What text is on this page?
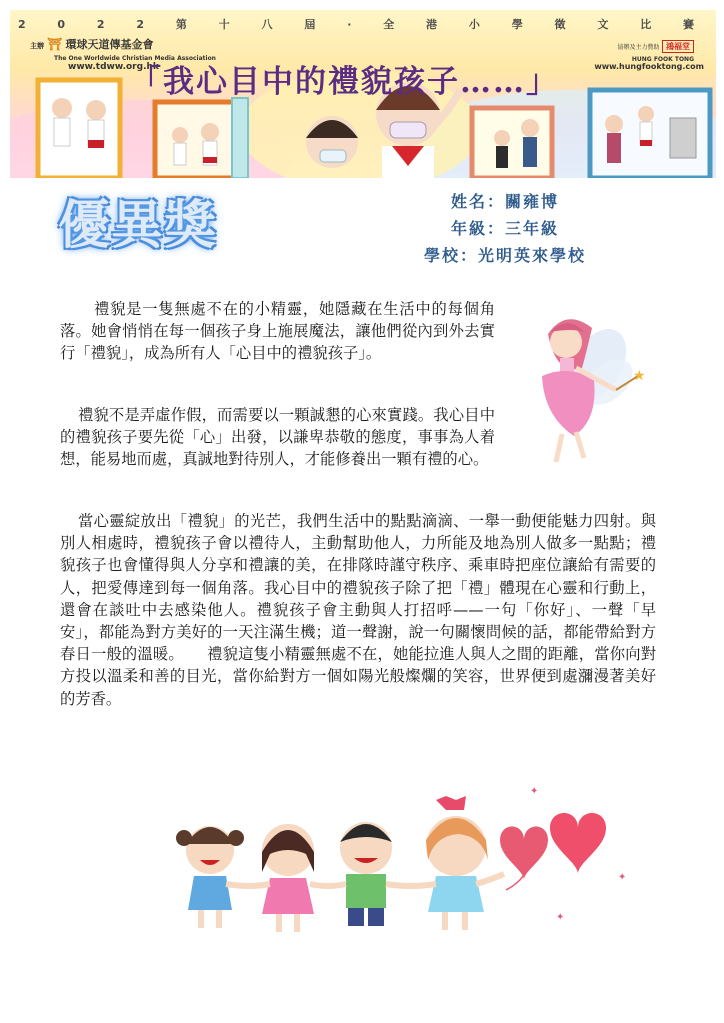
2 0 2 2 第 十 八 屆 · 全 港 小 學 徵 文 比 賽
主辦 ⛩ 環球天道傳基金會
The One Worldwide Christian Media Association
www.tdww.org.hk
協辦及主力贊助 鴻福堂
HUNG FOOK TONG
www.hungfooktong.com
「我心目中的禮貌孩子……」
優異獎	姓名：關雍博
年級：三年級
學校：光明英來學校

禮貌是一隻無處不在的小精靈，她隱藏在生活中的每個角落。她會悄悄在每一個孩子身上施展魔法，讓他們從內到外去實行「禮貌」，成為所有人「心目中的禮貌孩子」。

禮貌不是弄虛作假，而需要以一顆誠懇的心來實踐。我心目中的禮貌孩子要先從「心」出發，以謙卑恭敬的態度，事事為人着想，能易地而處，真誠地對待別人，才能修養出一顆有禮的心。

當心靈綻放出「禮貌」的光芒，我們生活中的點點滴滴、一舉一動便能魅力四射。與別人相處時，禮貌孩子會以禮待人，主動幫助他人，力所能及地為別人做多一點點；禮貌孩子也會懂得與人分享和禮讓的美，在排隊時謹守秩序、乘車時把座位讓給有需要的人，把愛傳達到每一個角落。我心目中的禮貌孩子除了把「禮」體現在心靈和行動上，還會在談吐中去感染他人。禮貌孩子會主動與人打招呼——一句「你好」、一聲「早安」，都能為對方美好的一天注滿生機；道一聲謝，說一句關懷問候的話，都能帶給對方春日一般的溫暖。　　禮貌這隻小精靈無處不在，她能拉進人與人之間的距離，當你向對方投以溫柔和善的目光，當你給對方一個如陽光般燦爛的笑容，世界便到處瀰漫著美好的芳香。

★
✦
✦
✦
